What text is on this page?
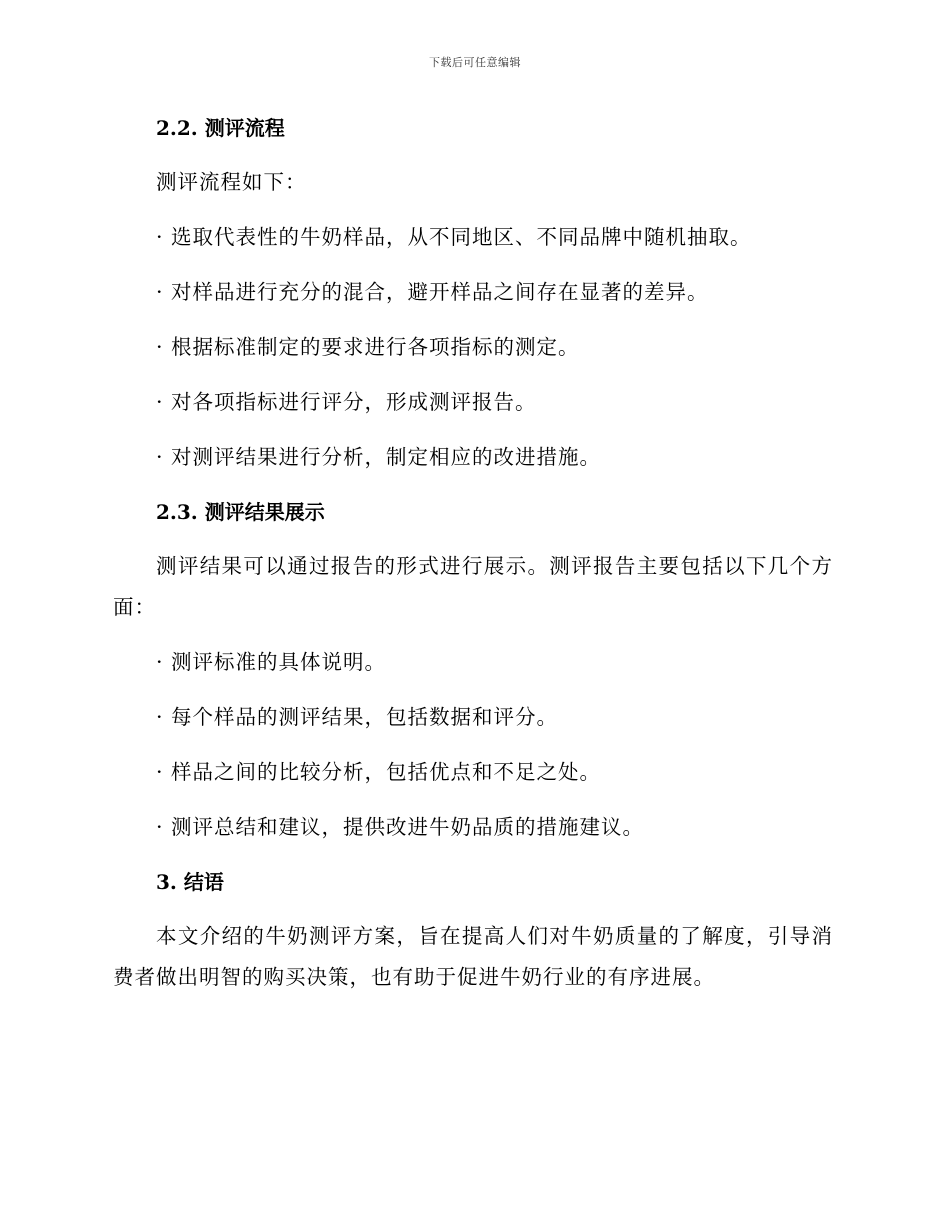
下载后可任意编辑
2.2. 测评流程

测评流程如下：

· 选取代表性的牛奶样品，从不同地区、不同品牌中随机抽取。

· 对样品进行充分的混合，避开样品之间存在显著的差异。

· 根据标准制定的要求进行各项指标的测定。

· 对各项指标进行评分，形成测评报告。

· 对测评结果进行分析，制定相应的改进措施。

2.3. 测评结果展示

测评结果可以通过报告的形式进行展示。测评报告主要包括以下几个方面：

· 测评标准的具体说明。

· 每个样品的测评结果，包括数据和评分。

· 样品之间的比较分析，包括优点和不足之处。

· 测评总结和建议，提供改进牛奶品质的措施建议。

3. 结语

本文介绍的牛奶测评方案，旨在提高人们对牛奶质量的了解度，引导消费者做出明智的购买决策，也有助于促进牛奶行业的有序进展。
